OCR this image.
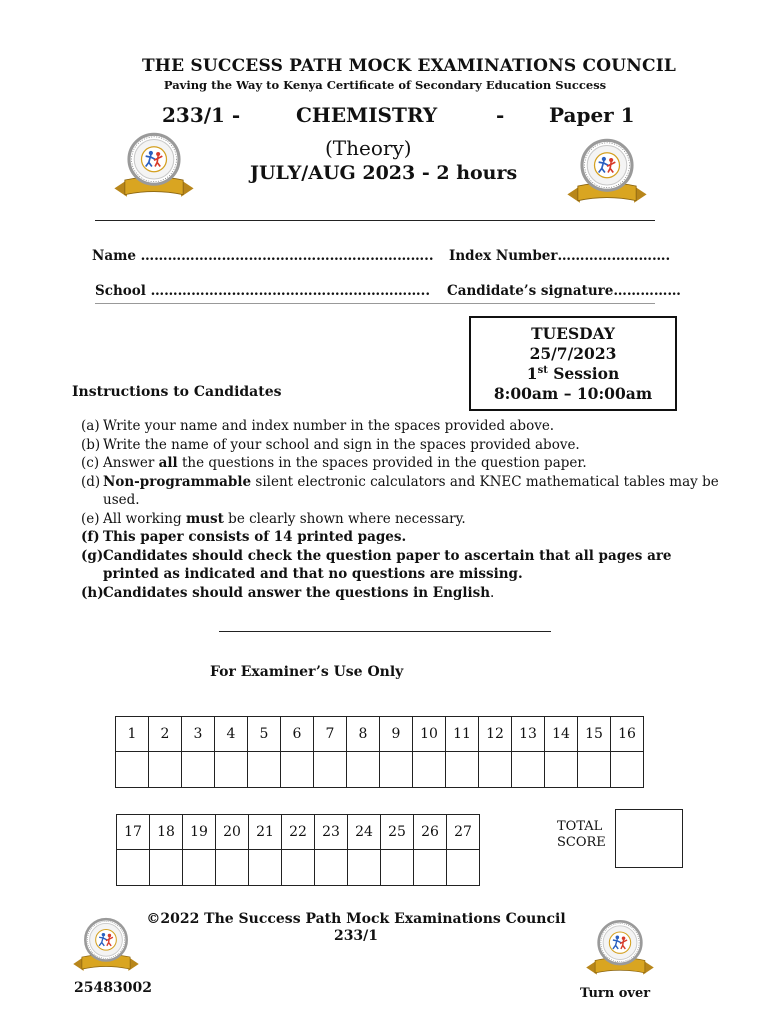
THE SUCCESS PATH MOCK EXAMINATIONS COUNCIL
Paving the Way to Kenya Certificate of Secondary Education Success
233/1 -	CHEMISTRY	- Paper 1
(Theory)
JULY/AUG 2023 - 2 hours
Name ……………………………………………………….. Index Number…………………….
School …………………………………………………….. Candidate’s signature……………
TUESDAY
25/7/2023
1st Session
8:00am – 10:00am
Instructions to Candidates
(a) Write your name and index number in the spaces provided above.
(b) Write the name of your school and sign in the spaces provided above.
(c) Answer all the questions in the spaces provided in the question paper.
(d) Non-programmable silent electronic calculators and KNEC mathematical tables may be used.
(e) All working must be clearly shown where necessary.
(f) This paper consists of 14 printed pages.
(g) Candidates should check the question paper to ascertain that all pages are printed as indicated and that no questions are missing.
(h) Candidates should answer the questions in English.
For Examiner’s Use Only
1	2	3	4	5	6	7	8	9	10	11	12	13	14	15	16

17	18	19	20	21	22	23	24	25	26	27
											TOTAL
SCORE
©2022 The Success Path Mock Examinations Council
233/1
25483002	Turn over
